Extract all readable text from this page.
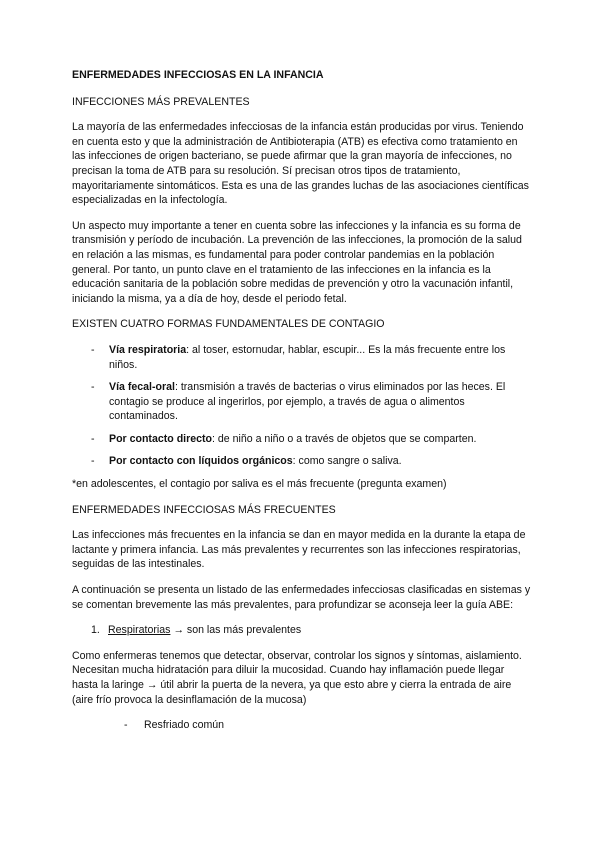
ENFERMEDADES INFECCIOSAS EN LA INFANCIA
INFECCIONES MÁS PREVALENTES

La mayoría de las enfermedades infecciosas de la infancia están producidas por virus. Teniendo en cuenta esto y que la administración de Antibioterapia (ATB) es efectiva como tratamiento en las infecciones de origen bacteriano, se puede afirmar que la gran mayoría de infecciones, no precisan la toma de ATB para su resolución. Sí precisan otros tipos de tratamiento, mayoritariamente sintomáticos. Esta es una de las grandes luchas de las asociaciones científicas especializadas en la infectología.

Un aspecto muy importante a tener en cuenta sobre las infecciones y la infancia es su forma de transmisión y período de incubación. La prevención de las infecciones, la promoción de la salud en relación a las mismas, es fundamental para poder controlar pandemias en la población general. Por tanto, un punto clave en el tratamiento de las infecciones en la infancia es la educación sanitaria de la población sobre medidas de prevención y otro la vacunación infantil, iniciando la misma, ya a día de hoy, desde el periodo fetal.

EXISTEN CUATRO FORMAS FUNDAMENTALES DE CONTAGIO
- Vía respiratoria: al toser, estornudar, hablar, escupir... Es la más frecuente entre los niños.
- Vía fecal-oral: transmisión a través de bacterias o virus eliminados por las heces. El contagio se produce al ingerirlos, por ejemplo, a través de agua o alimentos contaminados.
- Por contacto directo: de niño a niño o a través de objetos que se comparten.
- Por contacto con líquidos orgánicos: como sangre o saliva.

*en adolescentes, el contagio por saliva es el más frecuente (pregunta examen)

ENFERMEDADES INFECCIOSAS MÁS FRECUENTES

Las infecciones más frecuentes en la infancia se dan en mayor medida en la durante la etapa de lactante y primera infancia. Las más prevalentes y recurrentes son las infecciones respiratorias, seguidas de las intestinales.

A continuación se presenta un listado de las enfermedades infecciosas clasificadas en sistemas y se comentan brevemente las más prevalentes, para profundizar se aconseja leer la guía ABE:

1. Respiratorias → son las más prevalentes

Como enfermeras tenemos que detectar, observar, controlar los signos y síntomas, aislamiento. Necesitan mucha hidratación para diluir la mucosidad. Cuando hay inflamación puede llegar hasta la laringe → útil abrir la puerta de la nevera, ya que esto abre y cierra la entrada de aire (aire frío provoca la desinflamación de la mucosa)

- Resfriado común
